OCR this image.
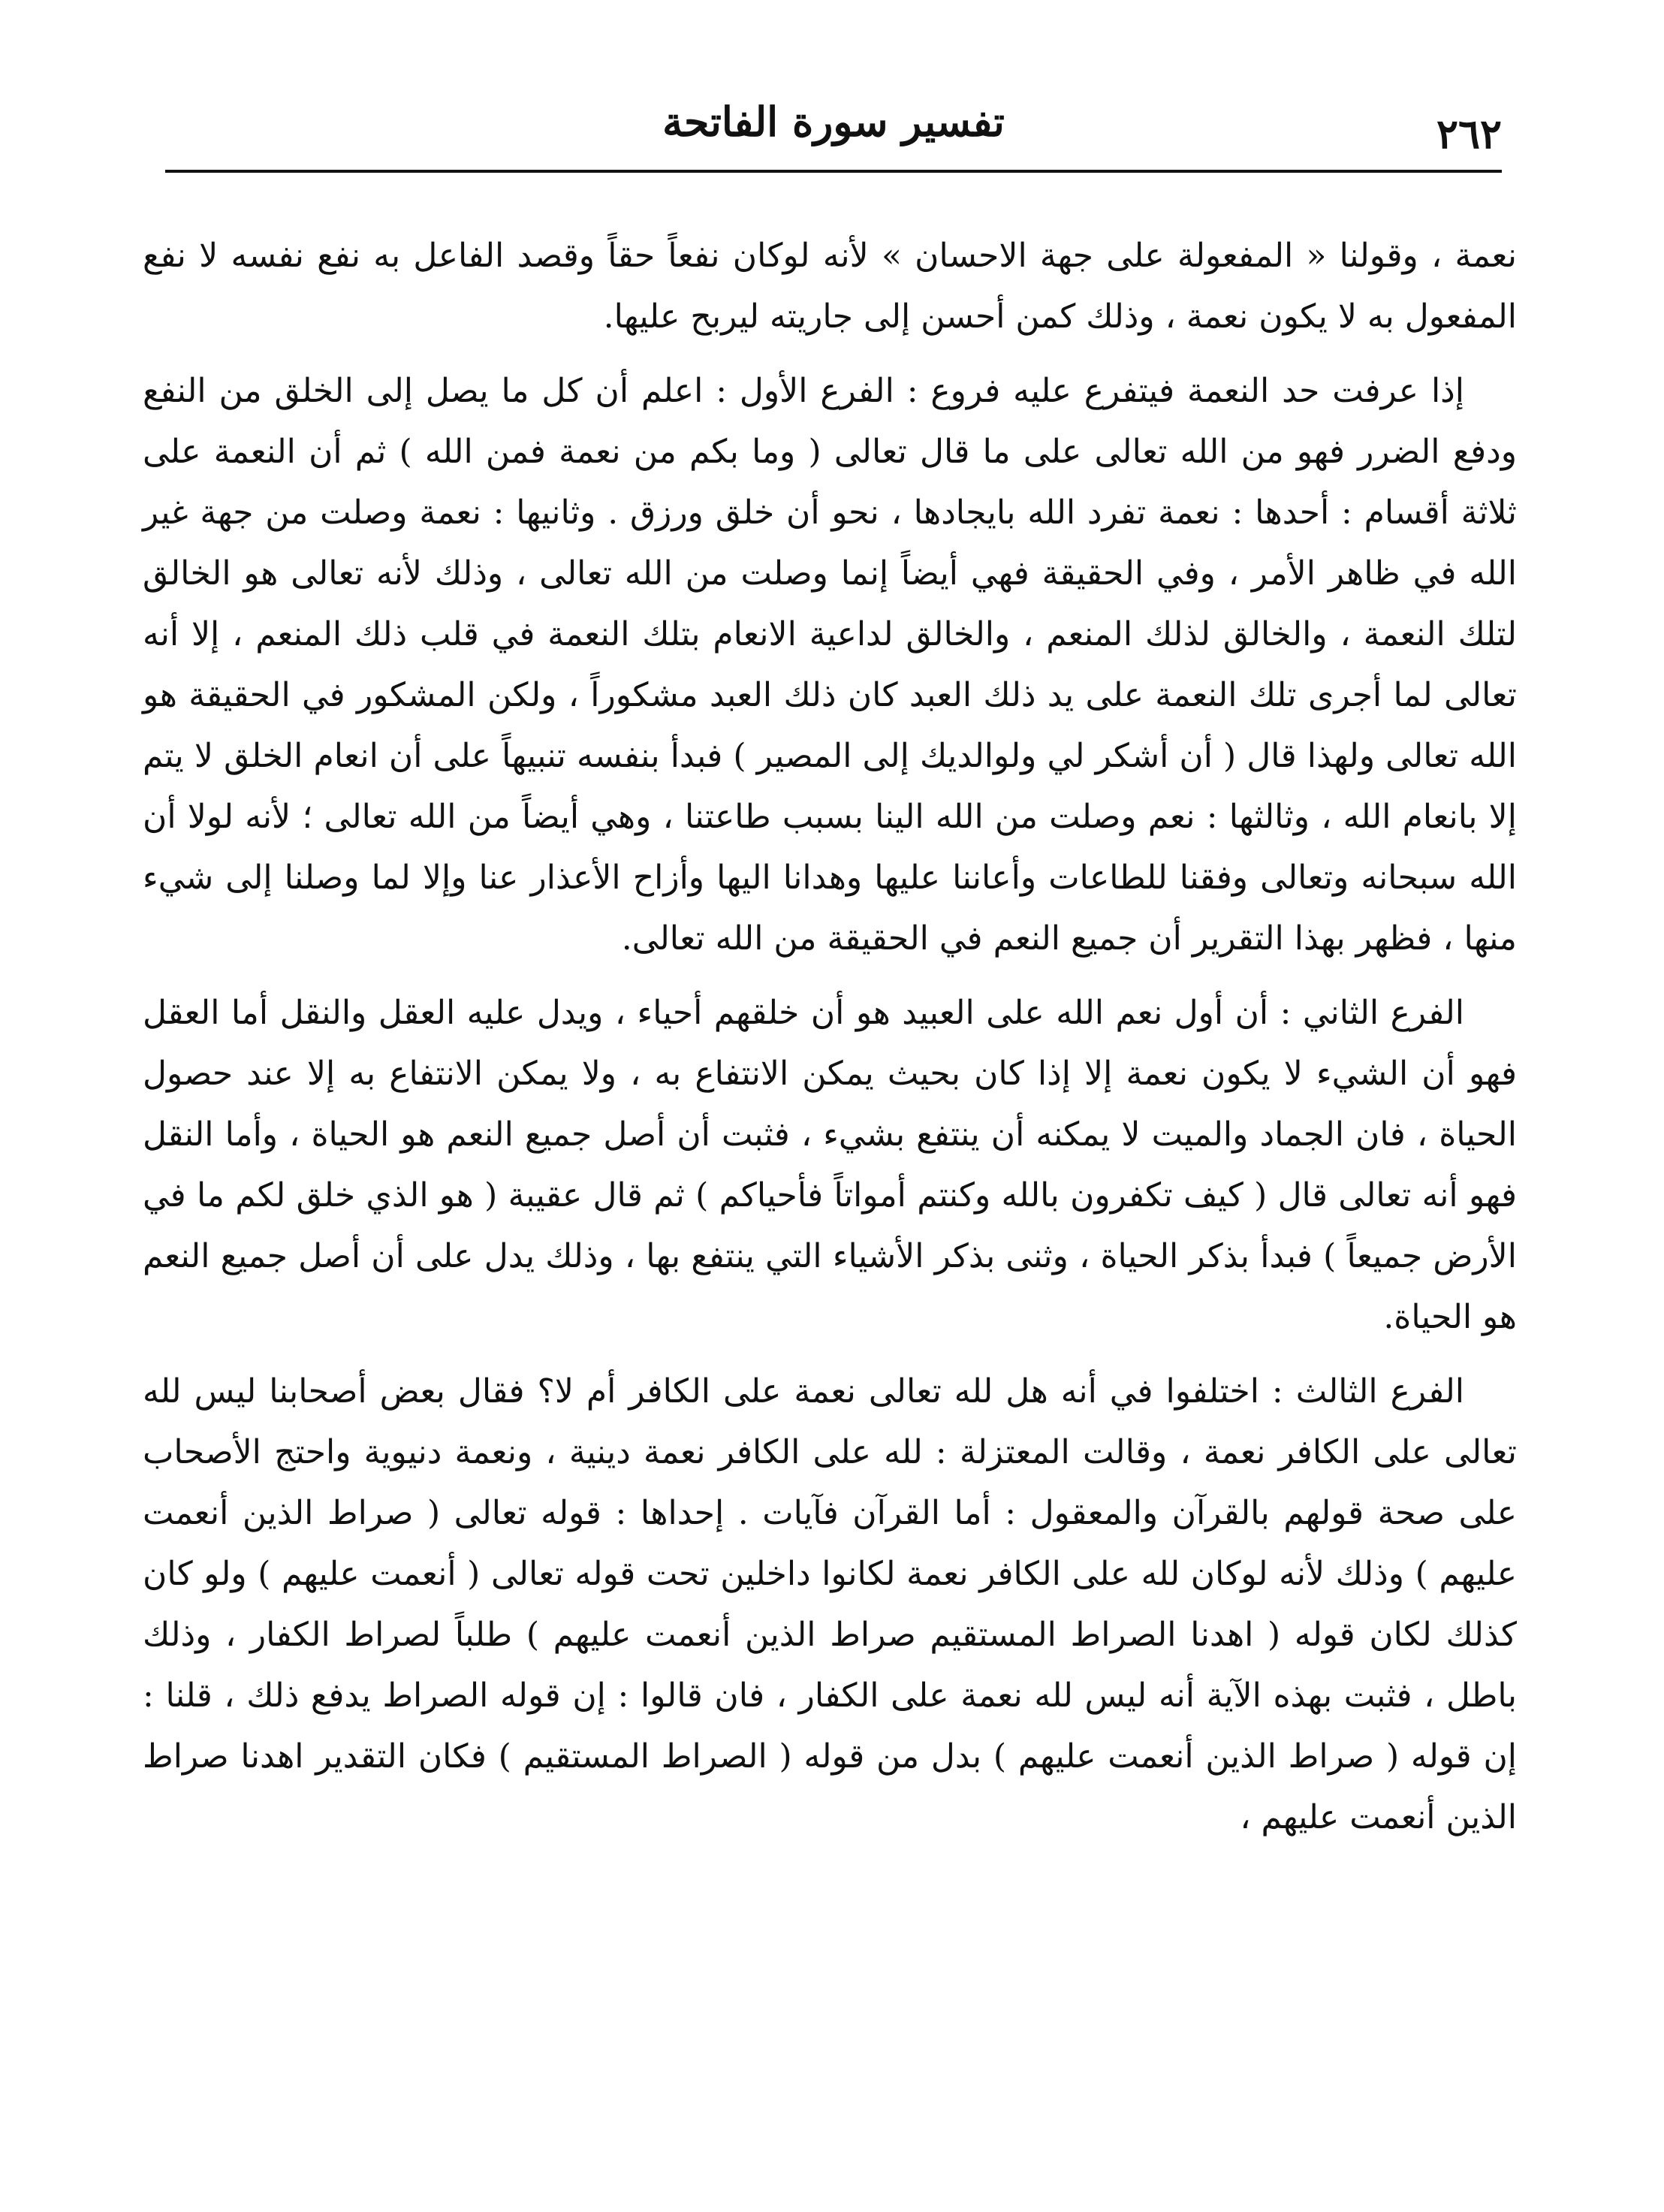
تفسير سورة الفاتحة	٢٦٢

نعمة ، وقولنا « المفعولة على جهة الاحسان » لأنه لوكان نفعاً حقاً وقصد الفاعل به نفع نفسه لا نفع المفعول به لا يكون نعمة ، وذلك كمن أحسن إلى جاريته ليربح عليها.

إذا عرفت حد النعمة فيتفرع عليه فروع : الفرع الأول : اعلم أن كل ما يصل إلى الخلق من النفع ودفع الضرر فهو من الله تعالى على ما قال تعالى ( وما بكم من نعمة فمن الله ) ثم أن النعمة على ثلاثة أقسام : أحدها : نعمة تفرد الله بايجادها ، نحو أن خلق ورزق . وثانيها : نعمة وصلت من جهة غير الله في ظاهر الأمر ، وفي الحقيقة فهي أيضاً إنما وصلت من الله تعالى ، وذلك لأنه تعالى هو الخالق لتلك النعمة ، والخالق لذلك المنعم ، والخالق لداعية الانعام بتلك النعمة في قلب ذلك المنعم ، إلا أنه تعالى لما أجرى تلك النعمة على يد ذلك العبد كان ذلك العبد مشكوراً ، ولكن المشكور في الحقيقة هو الله تعالى ولهذا قال ( أن أشكر لي ولوالديك إلى المصير ) فبدأ بنفسه تنبيهاً على أن انعام الخلق لا يتم إلا بانعام الله ، وثالثها : نعم وصلت من الله الينا بسبب طاعتنا ، وهي أيضاً من الله تعالى ؛ لأنه لولا أن الله سبحانه وتعالى وفقنا للطاعات وأعاننا عليها وهدانا اليها وأزاح الأعذار عنا وإلا لما وصلنا إلى شيء منها ، فظهر بهذا التقرير أن جميع النعم في الحقيقة من الله تعالى.

الفرع الثاني : أن أول نعم الله على العبيد هو أن خلقهم أحياء ، ويدل عليه العقل والنقل أما العقل فهو أن الشيء لا يكون نعمة إلا إذا كان بحيث يمكن الانتفاع به ، ولا يمكن الانتفاع به إلا عند حصول الحياة ، فان الجماد والميت لا يمكنه أن ينتفع بشيء ، فثبت أن أصل جميع النعم هو الحياة ، وأما النقل فهو أنه تعالى قال ( كيف تكفرون بالله وكنتم أمواتاً فأحياكم ) ثم قال عقيبة ( هو الذي خلق لكم ما في الأرض جميعاً ) فبدأ بذكر الحياة ، وثنى بذكر الأشياء التي ينتفع بها ، وذلك يدل على أن أصل جميع النعم هو الحياة.

الفرع الثالث : اختلفوا في أنه هل لله تعالى نعمة على الكافر أم لا؟ فقال بعض أصحابنا ليس لله تعالى على الكافر نعمة ، وقالت المعتزلة : لله على الكافر نعمة دينية ، ونعمة دنيوية واحتج الأصحاب على صحة قولهم بالقرآن والمعقول : أما القرآن فآيات . إحداها : قوله تعالى ( صراط الذين أنعمت عليهم ) وذلك لأنه لوكان لله على الكافر نعمة لكانوا داخلين تحت قوله تعالى ( أنعمت عليهم ) ولو كان كذلك لكان قوله ( اهدنا الصراط المستقيم صراط الذين أنعمت عليهم ) طلباً لصراط الكفار ، وذلك باطل ، فثبت بهذه الآية أنه ليس لله نعمة على الكفار ، فان قالوا : إن قوله الصراط يدفع ذلك ، قلنا : إن قوله ( صراط الذين أنعمت عليهم ) بدل من قوله ( الصراط المستقيم ) فكان التقدير اهدنا صراط الذين أنعمت عليهم ،
